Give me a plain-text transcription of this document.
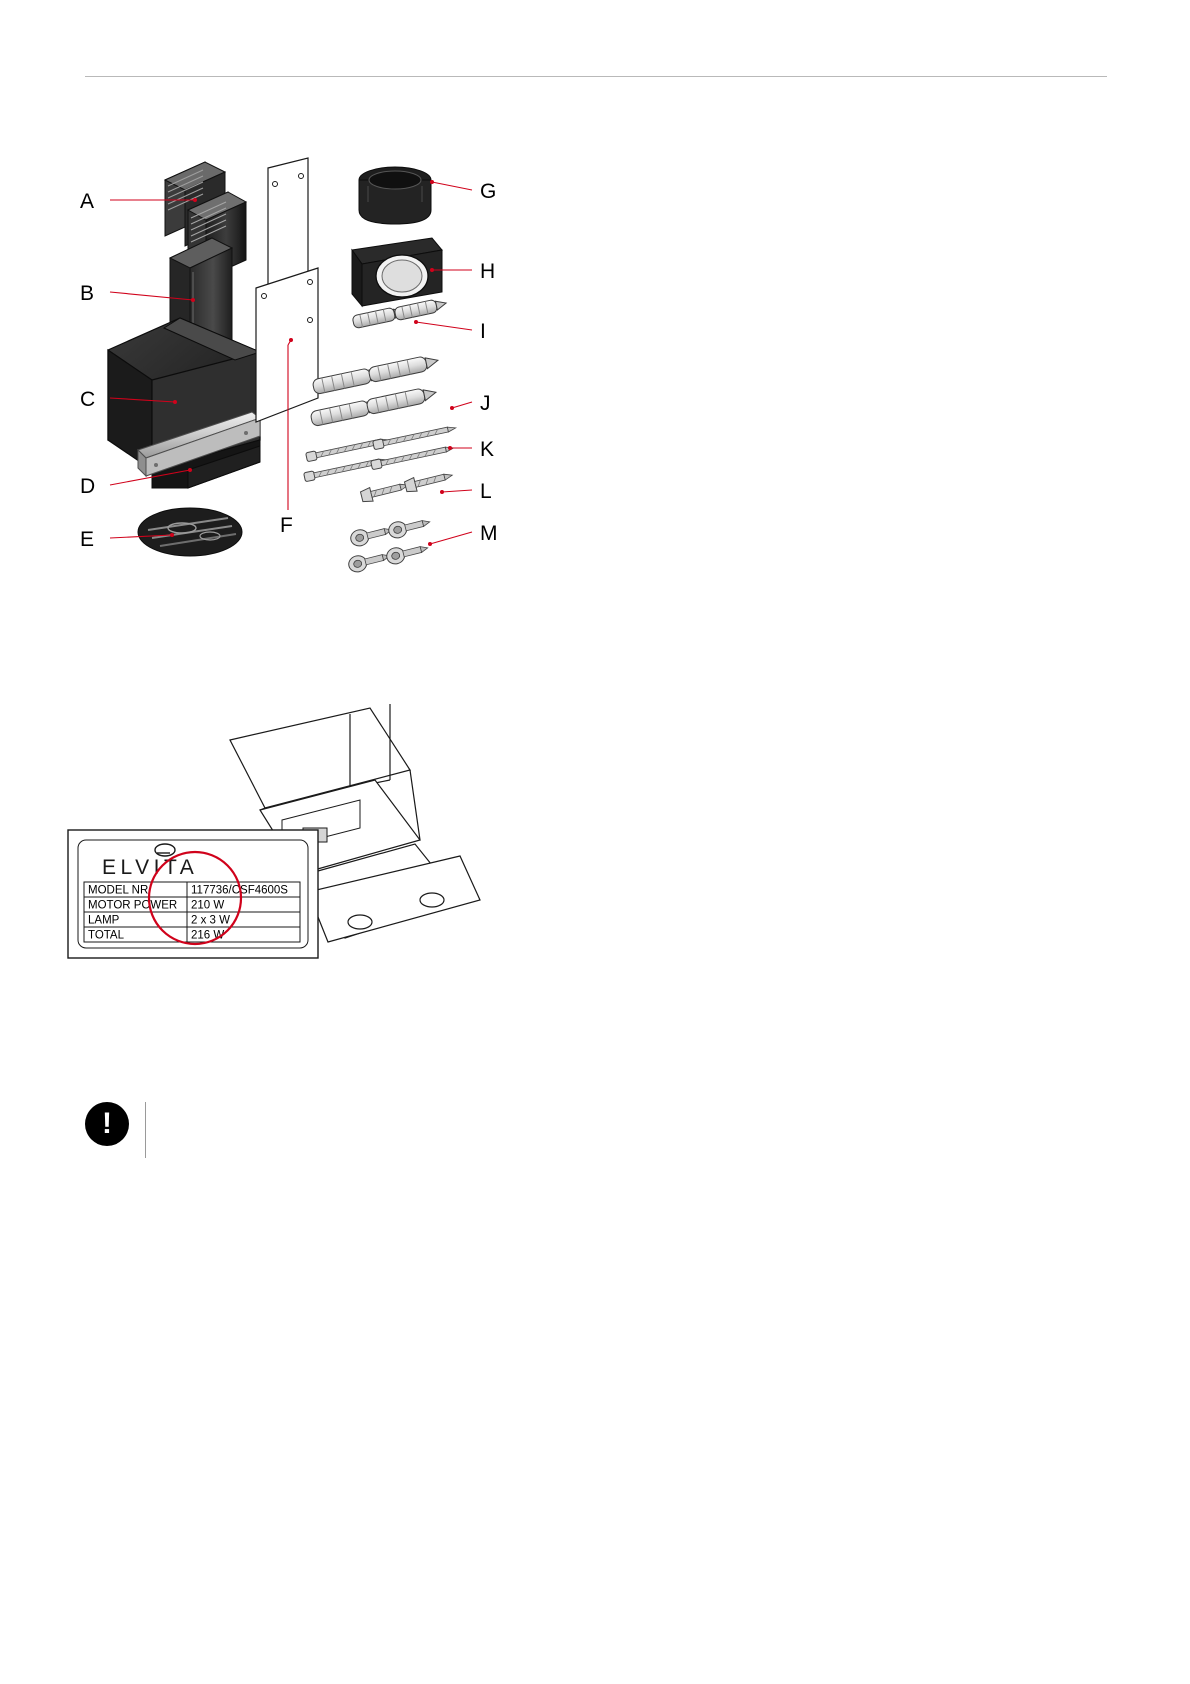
A
B
C
D
E
F
G
H
I
J
K
L
M
ELVITA
MODEL NR	117736/CSF4600S
MOTOR POWER 210 W
LAMP	2 x 3 W
TOTAL	216 W
!
